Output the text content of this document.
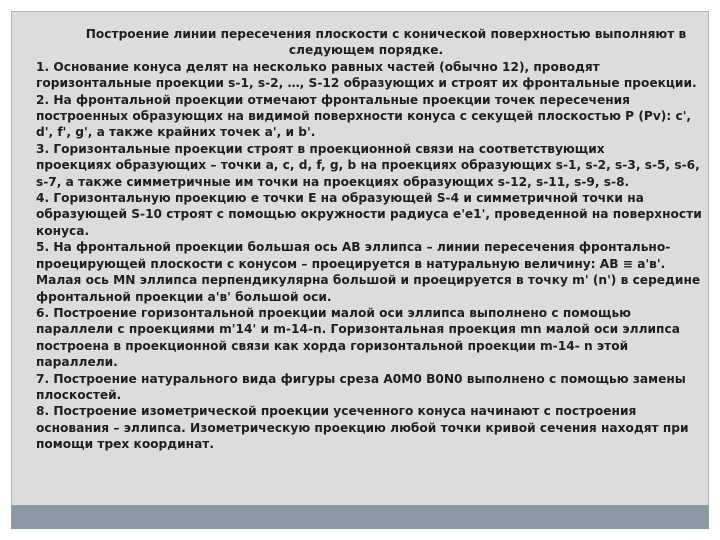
Построение линии пересечения плоскости с конической поверхностью выполняют в
следующем порядке.
1. Основание конуса делят на несколько равных частей (обычно 12), проводят
горизонтальные проекции s-1, s-2, …, S-12 образующих и строят их фронтальные проекции.
2. На фронтальной проекции отмечают фронтальные проекции точек пересечения
построенных образующих на видимой поверхности конуса с секущей плоскостью P (Pv): c',
d', f', g', а также крайних точек a', и b'.
3. Горизонтальные проекции строят в проекционной связи на соответствующих
проекциях образующих – точки a, c, d, f, g, b на проекциях образующих s-1, s-2, s-3, s-5, s-6,
s-7, а также симметричные им точки на проекциях образующих s-12, s-11, s-9, s-8.
4. Горизонтальную проекцию e точки E на образующей S-4 и симметричной точки на
образующей S-10 строят с помощью окружности радиуса e'e1', проведенной на поверхности
конуса.
5. На фронтальной проекции большая ось AB эллипса – линии пересечения фронтально-
проецирующей плоскости с конусом – проецируется в натуральную величину: AB ≡ a'в'.
Малая ось MN эллипса перпендикулярна большой и проецируется в точку m' (n') в середине
фронтальной проекции a'в' большой оси.
6. Построение горизонтальной проекции малой оси эллипса выполнено с помощью
параллели с проекциями m'14' и m-14-n. Горизонтальная проекция mn малой оси эллипса
построена в проекционной связи как хорда горизонтальной проекции m-14- n этой
параллели.
7. Построение натурального вида фигуры среза A0M0 B0N0 выполнено с помощью замены
плоскостей.
8. Построение изометрической проекции усеченного конуса начинают с построения
основания – эллипса. Изометрическую проекцию любой точки кривой сечения находят при
помощи трех координат.
